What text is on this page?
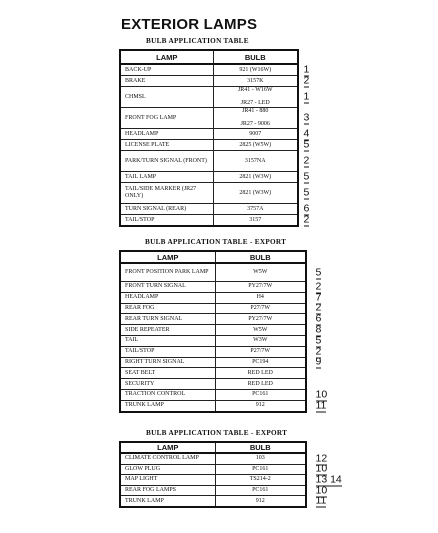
EXTERIOR LAMPS
BULB APPLICATION TABLE
LAMP	BULB
BACK-UP	921 (W16W) 1

BRAKE	3157K 2

CHMSL	JR41 - W16W
JR27 - LED
1

FRONT FOG LAMP	JR41 - 880
JR27 - 9006
3

HEADLAMP	9007 4

LICENSE PLATE	2825 (W5W) 5

PARK/TURN SIGNAL (FRONT)	3157NA 2

TAIL LAMP	2821 (W3W) 5

TAIL/SIDE MARKER (JR27 ONLY)	2821 (W3W) 5

TURN SIGNAL (REAR)	3757A 6

TAIL/STOP	3157 2
BULB APPLICATION TABLE - EXPORT
LAMP	BULB
FRONT POSITION PARK LAMP	W5W 5

FRONT TURN SIGNAL	PY27/7W 2

HEADLAMP	H4 7

REAR FOG	P27/7W 2

REAR TURN SIGNAL	PY27/7W 6

SIDE REPEATER	W5W 8

TAIL	W3W 5

TAIL/STOP	P27/7W 2

RIGHT TURN SIGNAL	PC194 9

SEAT BELT	RED LED

SECURITY	RED LED

TRACTION CONTROL	PC161 10

TRUNK LAMP	912 11
BULB APPLICATION TABLE - EXPORT
LAMP	BULB
CLIMATE CONTROL LAMP	103 12

GLOW PLUG	PC161 10

MAP LIGHT	TS214-2 13 14

REAR FOG LAMPS	PC161 10

TRUNK LAMP	912 11
